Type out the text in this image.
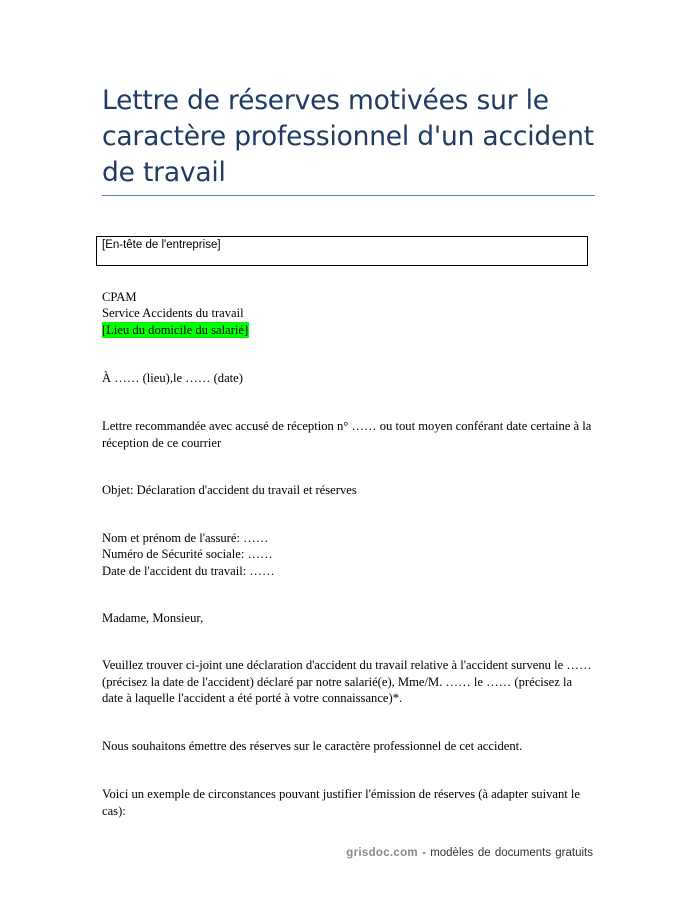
Lettre de réserves motivées sur le
caractère professionnel d'un accident
de travail
[En-tête de l'entreprise]
CPAM
Service Accidents du travail
[Lieu du domicile du salarié]
À …… (lieu),le …… (date)
Lettre recommandée avec accusé de réception n° …… ou tout moyen conférant date certaine à la réception de ce courrier
Objet: Déclaration d'accident du travail et réserves
Nom et prénom de l'assuré: ……
Numéro de Sécurité sociale: ……
Date de l'accident du travail: ……
Madame, Monsieur,
Veuillez trouver ci-joint une déclaration d'accident du travail relative à l'accident survenu le …… (précisez la date de l'accident) déclaré par notre salarié(e), Mme/M. …… le …… (précisez la date à laquelle l'accident a été porté à votre connaissance)*.
Nous souhaitons émettre des réserves sur le caractère professionnel de cet accident.
Voici un exemple de circonstances pouvant justifier l'émission de réserves (à adapter suivant le cas):
grisdoc.com - modèles de documents gratuits
